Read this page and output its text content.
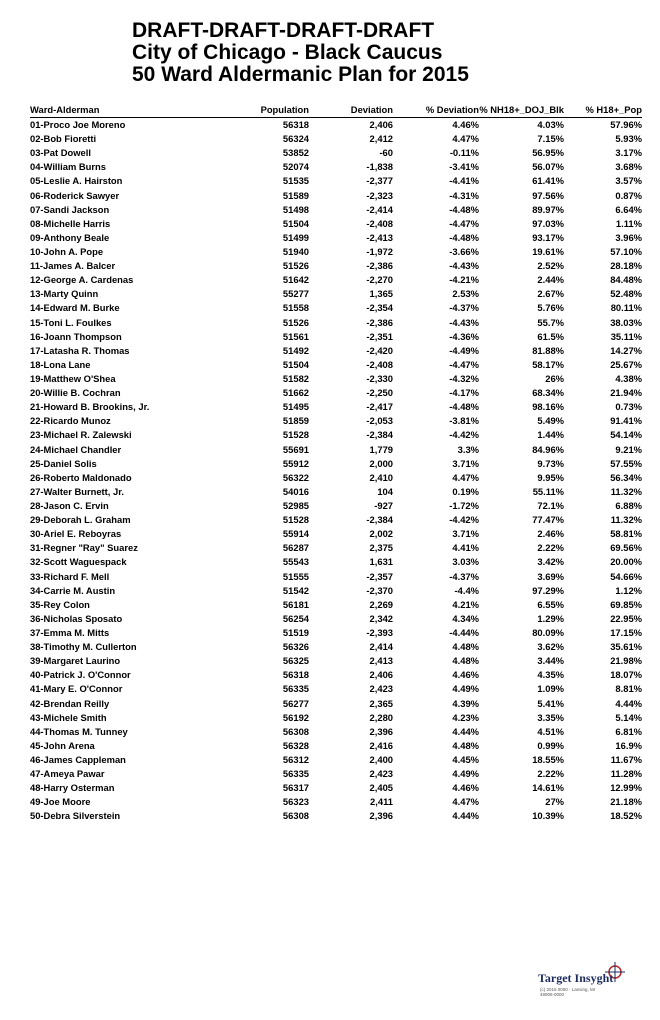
DRAFT-DRAFT-DRAFT-DRAFT
City of Chicago - Black Caucus
50 Ward Aldermanic Plan for 2015
Ward-Alderman	Population	Deviation	% Deviation	% NH18+_DOJ_Blk	% H18+_Pop
01-Proco Joe Moreno	56318	2,406	4.46%	4.03%	57.96%
02-Bob Fioretti	56324	2,412	4.47%	7.15%	5.93%
03-Pat Dowell	53852	-60	-0.11%	56.95%	3.17%
04-William Burns	52074	-1,838	-3.41%	56.07%	3.68%
05-Leslie A. Hairston	51535	-2,377	-4.41%	61.41%	3.57%
06-Roderick Sawyer	51589	-2,323	-4.31%	97.56%	0.87%
07-Sandi Jackson	51498	-2,414	-4.48%	89.97%	6.64%
08-Michelle Harris	51504	-2,408	-4.47%	97.03%	1.11%
09-Anthony Beale	51499	-2,413	-4.48%	93.17%	3.96%
10-John A. Pope	51940	-1,972	-3.66%	19.61%	57.10%
11-James A. Balcer	51526	-2,386	-4.43%	2.52%	28.18%
12-George A. Cardenas	51642	-2,270	-4.21%	2.44%	84.48%
13-Marty Quinn	55277	1,365	2.53%	2.67%	52.48%
14-Edward M. Burke	51558	-2,354	-4.37%	5.76%	80.11%
15-Toni L. Foulkes	51526	-2,386	-4.43%	55.7%	38.03%
16-Joann Thompson	51561	-2,351	-4.36%	61.5%	35.11%
17-Latasha R. Thomas	51492	-2,420	-4.49%	81.88%	14.27%
18-Lona Lane	51504	-2,408	-4.47%	58.17%	25.67%
19-Matthew O'Shea	51582	-2,330	-4.32%	26%	4.38%
20-Willie B. Cochran	51662	-2,250	-4.17%	68.34%	21.94%
21-Howard B. Brookins, Jr.	51495	-2,417	-4.48%	98.16%	0.73%
22-Ricardo Munoz	51859	-2,053	-3.81%	5.49%	91.41%
23-Michael R. Zalewski	51528	-2,384	-4.42%	1.44%	54.14%
24-Michael Chandler	55691	1,779	3.3%	84.96%	9.21%
25-Daniel Solis	55912	2,000	3.71%	9.73%	57.55%
26-Roberto Maldonado	56322	2,410	4.47%	9.95%	56.34%
27-Walter Burnett, Jr.	54016	104	0.19%	55.11%	11.32%
28-Jason C. Ervin	52985	-927	-1.72%	72.1%	6.88%
29-Deborah L. Graham	51528	-2,384	-4.42%	77.47%	11.32%
30-Ariel E. Reboyras	55914	2,002	3.71%	2.46%	58.81%
31-Regner "Ray" Suarez	56287	2,375	4.41%	2.22%	69.56%
32-Scott Waguespack	55543	1,631	3.03%	3.42%	20.00%
33-Richard F. Mell	51555	-2,357	-4.37%	3.69%	54.66%
34-Carrie M. Austin	51542	-2,370	-4.4%	97.29%	1.12%
35-Rey Colon	56181	2,269	4.21%	6.55%	69.85%
36-Nicholas Sposato	56254	2,342	4.34%	1.29%	22.95%
37-Emma M. Mitts	51519	-2,393	-4.44%	80.09%	17.15%
38-Timothy M. Cullerton	56326	2,414	4.48%	3.62%	35.61%
39-Margaret Laurino	56325	2,413	4.48%	3.44%	21.98%
40-Patrick J. O'Connor	56318	2,406	4.46%	4.35%	18.07%
41-Mary E. O'Connor	56335	2,423	4.49%	1.09%	8.81%
42-Brendan Reilly	56277	2,365	4.39%	5.41%	4.44%
43-Michele Smith	56192	2,280	4.23%	3.35%	5.14%
44-Thomas M. Tunney	56308	2,396	4.44%	4.51%	6.81%
45-John Arena	56328	2,416	4.48%	0.99%	16.9%
46-James Cappleman	56312	2,400	4.45%	18.55%	11.67%
47-Ameya Pawar	56335	2,423	4.49%	2.22%	11.28%
48-Harry Osterman	56317	2,405	4.46%	14.61%	12.99%
49-Joe Moore	56323	2,411	4.47%	27%	21.18%
50-Debra Silverstein	56308	2,396	4.44%	10.39%	18.52%
Target Insyght
(c) 2015 0000 · Lansing, MI 48906-0000
